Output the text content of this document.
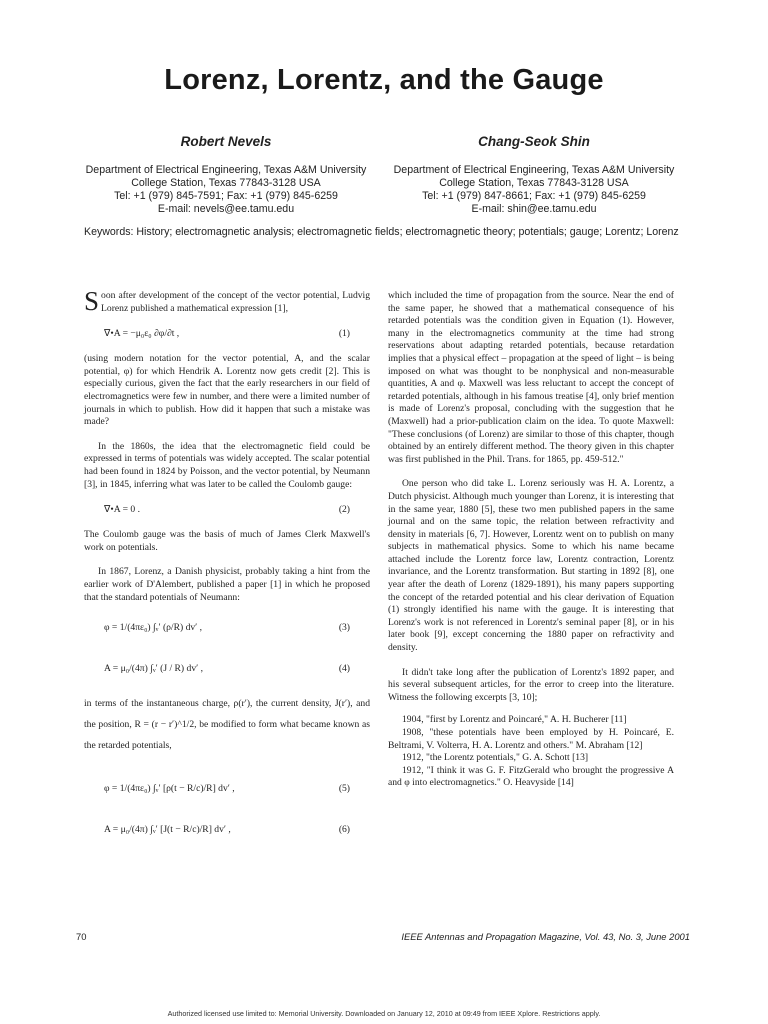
Lorenz, Lorentz, and the Gauge
Robert Nevels
Department of Electrical Engineering, Texas A&M University
College Station, Texas 77843-3128 USA
Tel: +1 (979) 845-7591; Fax: +1 (979) 845-6259
E-mail: nevels@ee.tamu.edu
Chang-Seok Shin
Department of Electrical Engineering, Texas A&M University
College Station, Texas 77843-3128 USA
Tel: +1 (979) 847-8661; Fax: +1 (979) 845-6259
E-mail: shin@ee.tamu.edu
Keywords: History; electromagnetic analysis; electromagnetic fields; electromagnetic theory; potentials; gauge; Lorentz; Lorenz

Soon after development of the concept of the vector potential, Ludvig Lorenz published a mathematical expression [1],

∇•A = −μ₀ε₀ ∂φ/∂t ,	(1)

(using modern notation for the vector potential, A, and the scalar potential, φ) for which Hendrik A. Lorentz now gets credit [2]. This is especially curious, given the fact that the early researchers in our field of electromagnetics were few in number, and there were a limited number of journals in which to publish. How did it happen that such a mistake was made?

In the 1860s, the idea that the electromagnetic field could be expressed in terms of potentials was widely accepted. The scalar potential had been found in 1824 by Poisson, and the vector potential, by Neumann [3], in 1845, inferring what was later to be called the Coulomb gauge:

∇•A = 0 .	(2)

The Coulomb gauge was the basis of much of James Clerk Maxwell's work on potentials.

In 1867, Lorenz, a Danish physicist, probably taking a hint from the earlier work of D'Alembert, published a paper [1] in which he proposed that the standard potentials of Neumann:

φ = 1/(4πε₀) ∫ᵥ′ (ρ/R) dv′ ,	(3)
A = μ₀/(4π) ∫ᵥ′ (J / R) dv′ ,	(4)

in terms of the instantaneous charge, ρ(r′), the current density, J(r′), and the position, R = (r − r′)^1/2, be modified to form what became known as the retarded potentials,

φ = 1/(4πε₀) ∫ᵥ′ [ρ(t − R/c)/R] dv′ ,	(5)
A = μ₀/(4π) ∫ᵥ′ [J(t − R/c)/R] dv′ ,	(6)

which included the time of propagation from the source. Near the end of the same paper, he showed that a mathematical consequence of his retarded potentials was the condition given in Equation (1). However, many in the electromagnetics community at the time had strong reservations about adapting retarded potentials, because retardation implies that a physical effect – propagation at the speed of light – is being imposed on what was thought to be nonphysical and non-measurable quantities, A and φ. Maxwell was less reluctant to accept the concept of retarded potentials, although in his famous treatise [4], only brief mention is made of Lorenz's proposal, concluding with the suggestion that he (Maxwell) had a prior-publication claim on the idea. To quote Maxwell: "These conclusions (of Lorenz) are similar to those of this chapter, though obtained by an entirely different method. The theory given in this chapter was first published in the Phil. Trans. for 1865, pp. 459-512."

One person who did take L. Lorenz seriously was H. A. Lorentz, a Dutch physicist. Although much younger than Lorenz, it is interesting that in the same year, 1880 [5], these two men published papers in the same journal and on the same topic, the relation between refractivity and density in materials [6, 7]. However, Lorentz went on to publish on many subjects in mathematical physics. Some to which his name became attached include the Lorentz force law, Lorentz contraction, Lorentz invariance, and the Lorentz transformation. But starting in 1892 [8], one year after the death of Lorenz (1829-1891), his many papers supporting the concept of the retarded potential and his clear derivation of Equation (1) strongly identified his name with the gauge. It is interesting that Lorenz's work is not referenced in Lorentz's seminal paper [8], or in his later book [9], except concerning the 1880 paper on refractivity and density.

It didn't take long after the publication of Lorentz's 1892 paper, and his several subsequent articles, for the error to creep into the literature. Witness the following excerpts [3, 10];

1904, "first by Lorentz and Poincaré," A. H. Bucherer [11]

1908, "these potentials have been employed by H. Poincaré, E. Beltrami, V. Volterra, H. A. Lorentz and others." M. Abraham [12]

1912, "the Lorentz potentials," G. A. Schott [13]

1912, "I think it was G. F. FitzGerald who brought the progressive A and φ into electromagnetics." O. Heavyside [14]

70	IEEE Antennas and Propagation Magazine, Vol. 43, No. 3, June 2001
Authorized licensed use limited to: Memorial University. Downloaded on January 12, 2010 at 09:49 from IEEE Xplore. Restrictions apply.
